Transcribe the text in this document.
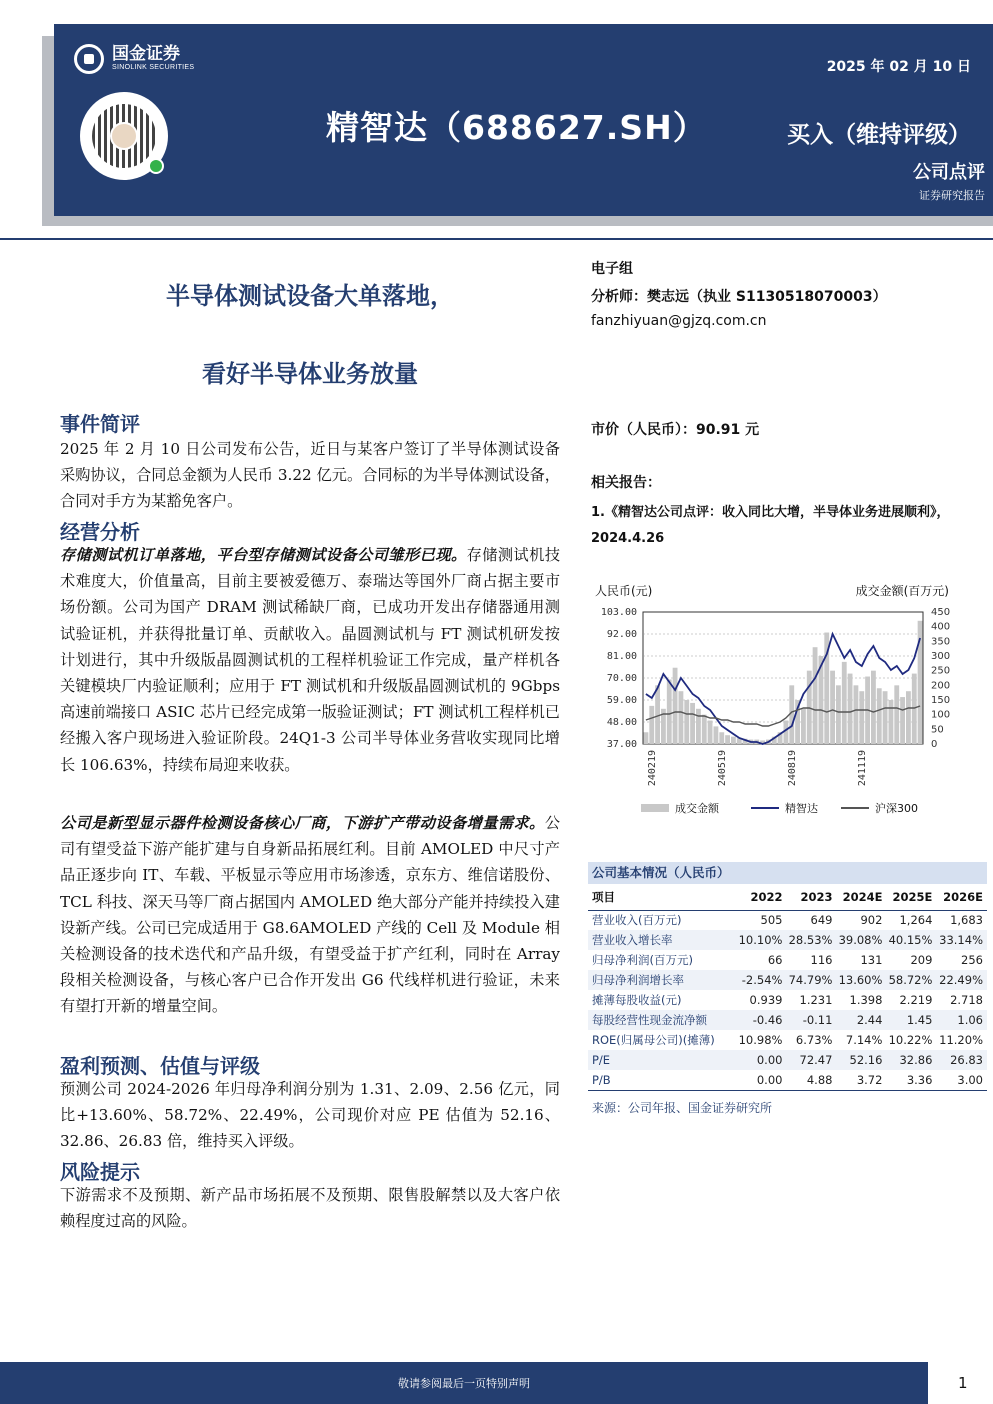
国金证券
SINOLINK SECURITIES	2025 年 02 月 10 日
精智达（688627.SH）	买入（维持评级）
公司点评
证券研究报告
半导体测试设备大单落地，
看好半导体业务放量
事件简评
2025 年 2 月 10 日公司发布公告，近日与某客户签订了半导体测试设备采购协议，合同总金额为人民币 3.22 亿元。合同标的为半导体测试设备，合同对手方为某豁免客户。
经营分析
存储测试机订单落地，平台型存储测试设备公司雏形已现。存储测试机技术难度大，价值量高，目前主要被爱德万、泰瑞达等国外厂商占据主要市场份额。公司为国产 DRAM 测试稀缺厂商，已成功开发出存储器通用测试验证机，并获得批量订单、贡献收入。晶圆测试机与 FT 测试机研发按计划进行，其中升级版晶圆测试机的工程样机验证工作完成，量产样机各关键模块厂内验证顺利；应用于 FT 测试机和升级版晶圆测试机的 9Gbps 高速前端接口 ASIC 芯片已经完成第一版验证测试；FT 测试机工程样机已经搬入客户现场进入验证阶段。24Q1-3 公司半导体业务营收实现同比增长 106.63%，持续布局迎来收获。
公司是新型显示器件检测设备核心厂商，下游扩产带动设备增量需求。公司有望受益下游产能扩建与自身新品拓展红利。目前 AMOLED 中尺寸产品正逐步向 IT、车载、平板显示等应用市场渗透，京东方、维信诺股份、TCL 科技、深天马等厂商占据国内 AMOLED 绝大部分产能并持续投入建设新产线。公司已完成适用于 G8.6AMOLED 产线的 Cell 及 Module 相关检测设备的技术迭代和产品升级，有望受益于扩产红利，同时在 Array 段相关检测设备，与核心客户已合作开发出 G6 代线样机进行验证，未来有望打开新的增量空间。
盈利预测、估值与评级
预测公司 2024-2026 年归母净利润分别为 1.31、2.09、2.56 亿元，同比+13.60%、58.72%、22.49%，公司现价对应 PE 估值为 52.16、32.86、26.83 倍，维持买入评级。
风险提示
下游需求不及预期、新产品市场拓展不及预期、限售股解禁以及大客户依赖程度过高的风险。
电子组
分析师：樊志远（执业 S1130518070003）
fanzhiyuan@gjzq.com.cn
市价（人民币）：90.91 元
相关报告：
1.《精智达公司点评：收入同比大增，半导体业务进展顺利》，2024.4.26
人民币(元)	成交金额(百万元)
103.00
92.00
81.00
70.00
59.00
48.00
37.00
450
400
350
300
250
200
150
100
50
0
240219	240519	240819	241119
成交金额	精智达	沪深300
公司基本情况（人民币）
项目	2022	2023	2024E	2025E	2026E
营业收入(百万元)	505	649	902	1,264	1,683
营业收入增长率	10.10%	28.53%	39.08%	40.15%	33.14%
归母净利润(百万元)	66	116	131	209	256
归母净利润增长率	-2.54%	74.79%	13.60%	58.72%	22.49%
摊薄每股收益(元)	0.939	1.231	1.398	2.219	2.718
每股经营性现金流净额	-0.46	-0.11	2.44	1.45	1.06
ROE(归属母公司)(摊薄)	10.98%	6.73%	7.14%	10.22%	11.20%
P/E	0.00	72.47	52.16	32.86	26.83
P/B	0.00	4.88	3.72	3.36	3.00
来源：公司年报、国金证券研究所
敬请参阅最后一页特别声明	1
